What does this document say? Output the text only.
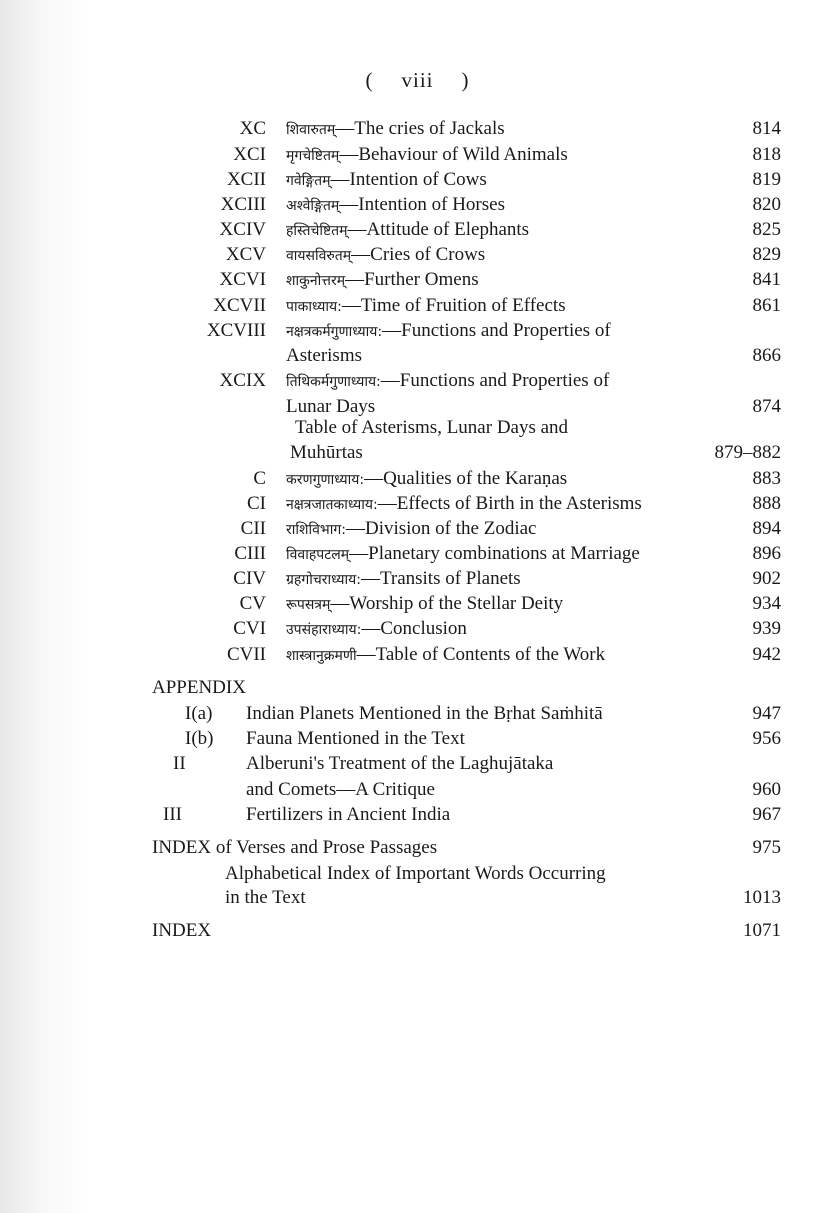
( viii )
XC शिवारुतम्—The cries of Jackals	814
XCI मृगचेष्टितम्—Behaviour of Wild Animals	818
XCII गवेङ्गितम्—Intention of Cows	819
XCIII अश्वेङ्गितम्—Intention of Horses	820
XCIV हस्तिचेष्टितम्—Attitude of Elephants	825
XCV वायसविरुतम्—Cries of Crows	829
XCVI शाकुनोत्तरम्—Further Omens	841
XCVII पाकाध्याय:—Time of Fruition of Effects	861
XCVIII नक्षत्रकर्मगुणाध्याय:—Functions and Properties of
Asterisms	866
XCIX तिथिकर्मगुणाध्याय:—Functions and Properties of
Lunar Days	874
Table of Asterisms, Lunar Days and
Muhūrtas	879–882
C करणगुणाध्याय:—Qualities of the Karaṇas	883
CI नक्षत्रजातकाध्याय:—Effects of Birth in the Asterisms	888
CII राशिविभाग:—Division of the Zodiac	894
CIII विवाहपटलम्—Planetary combinations at Marriage	896
CIV ग्रहगोचराध्याय:—Transits of Planets	902
CV रूपसत्रम्—Worship of the Stellar Deity	934
CVI उपसंहाराध्याय:—Conclusion	939
CVII शास्त्रानुक्रमणी—Table of Contents of the Work	942
APPENDIX
I(a) Indian Planets Mentioned in the Bṛhat Saṁhitā	947
I(b) Fauna Mentioned in the Text	956
II	Alberuni's Treatment of the Laghujātaka
and Comets—A Critique	960
III	Fertilizers in Ancient India	967
INDEX of Verses and Prose Passages	975
Alphabetical Index of Important Words Occurring
in the Text	1013
INDEX	1071
